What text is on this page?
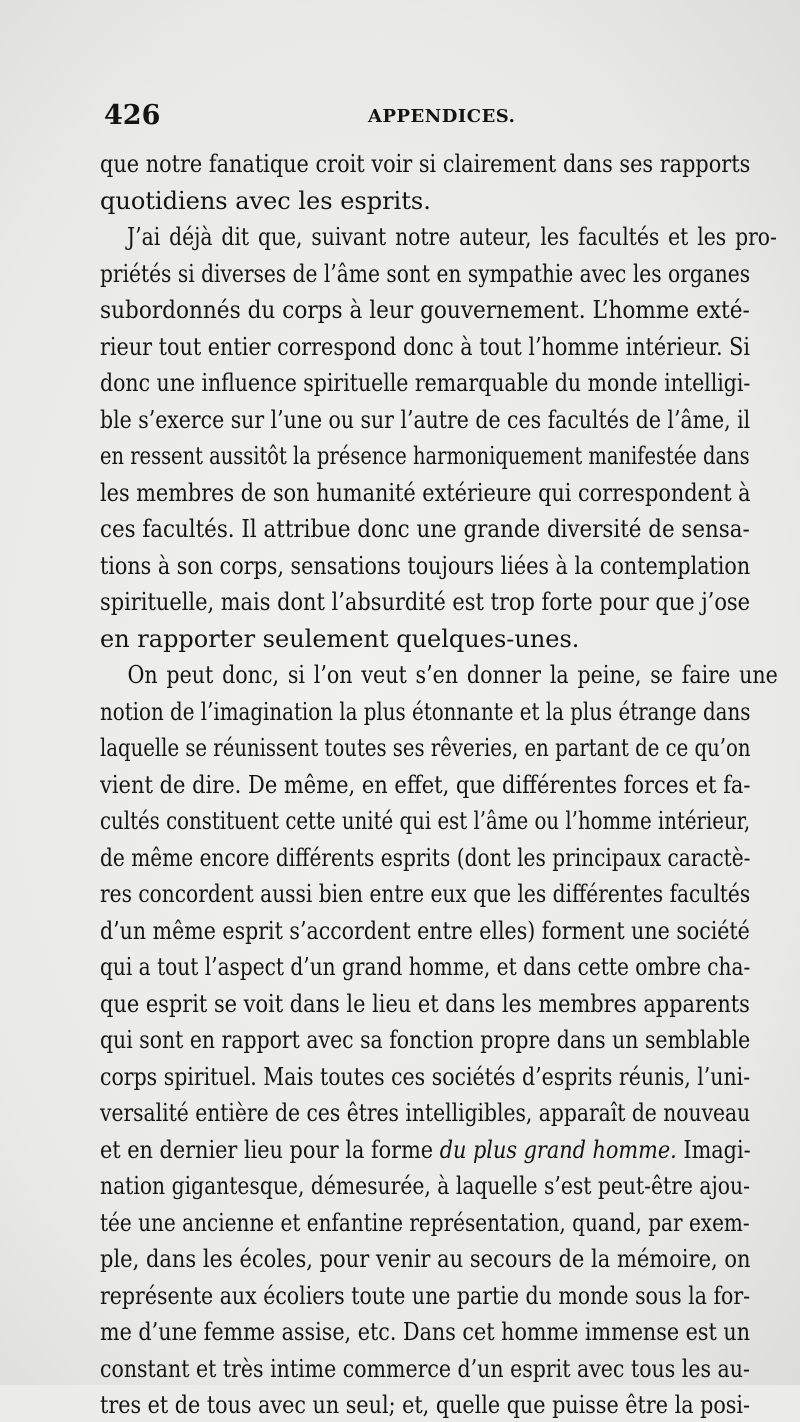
426	APPENDICES.
que notre fanatique croit voir si clairement dans ses rapports
quotidiens avec les esprits.
J’ai déjà dit que, suivant notre auteur, les facultés et les pro-
priétés si diverses de l’âme sont en sympathie avec les organes
subordonnés du corps à leur gouvernement. L’homme exté-
rieur tout entier correspond donc à tout l’homme intérieur. Si
donc une influence spirituelle remarquable du monde intelligi-
ble s’exerce sur l’une ou sur l’autre de ces facultés de l’âme, il
en ressent aussitôt la présence harmoniquement manifestée dans
les membres de son humanité extérieure qui correspondent à
ces facultés. Il attribue donc une grande diversité de sensa-
tions à son corps, sensations toujours liées à la contemplation
spirituelle, mais dont l’absurdité est trop forte pour que j’ose
en rapporter seulement quelques-unes.
On peut donc, si l’on veut s’en donner la peine, se faire une
notion de l’imagination la plus étonnante et la plus étrange dans
laquelle se réunissent toutes ses rêveries, en partant de ce qu’on
vient de dire. De même, en effet, que différentes forces et fa-
cultés constituent cette unité qui est l’âme ou l’homme intérieur,
de même encore différents esprits (dont les principaux caractè-
res concordent aussi bien entre eux que les différentes facultés
d’un même esprit s’accordent entre elles) forment une société
qui a tout l’aspect d’un grand homme, et dans cette ombre cha-
que esprit se voit dans le lieu et dans les membres apparents
qui sont en rapport avec sa fonction propre dans un semblable
corps spirituel. Mais toutes ces sociétés d’esprits réunis, l’uni-
versalité entière de ces êtres intelligibles, apparaît de nouveau
et en dernier lieu pour la forme du plus grand homme. Imagi-
nation gigantesque, démesurée, à laquelle s’est peut-être ajou-
tée une ancienne et enfantine représentation, quand, par exem-
ple, dans les écoles, pour venir au secours de la mémoire, on
représente aux écoliers toute une partie du monde sous la for-
me d’une femme assise, etc. Dans cet homme immense est un
constant et très intime commerce d’un esprit avec tous les au-
tres et de tous avec un seul; et, quelle que puisse être la posi-
